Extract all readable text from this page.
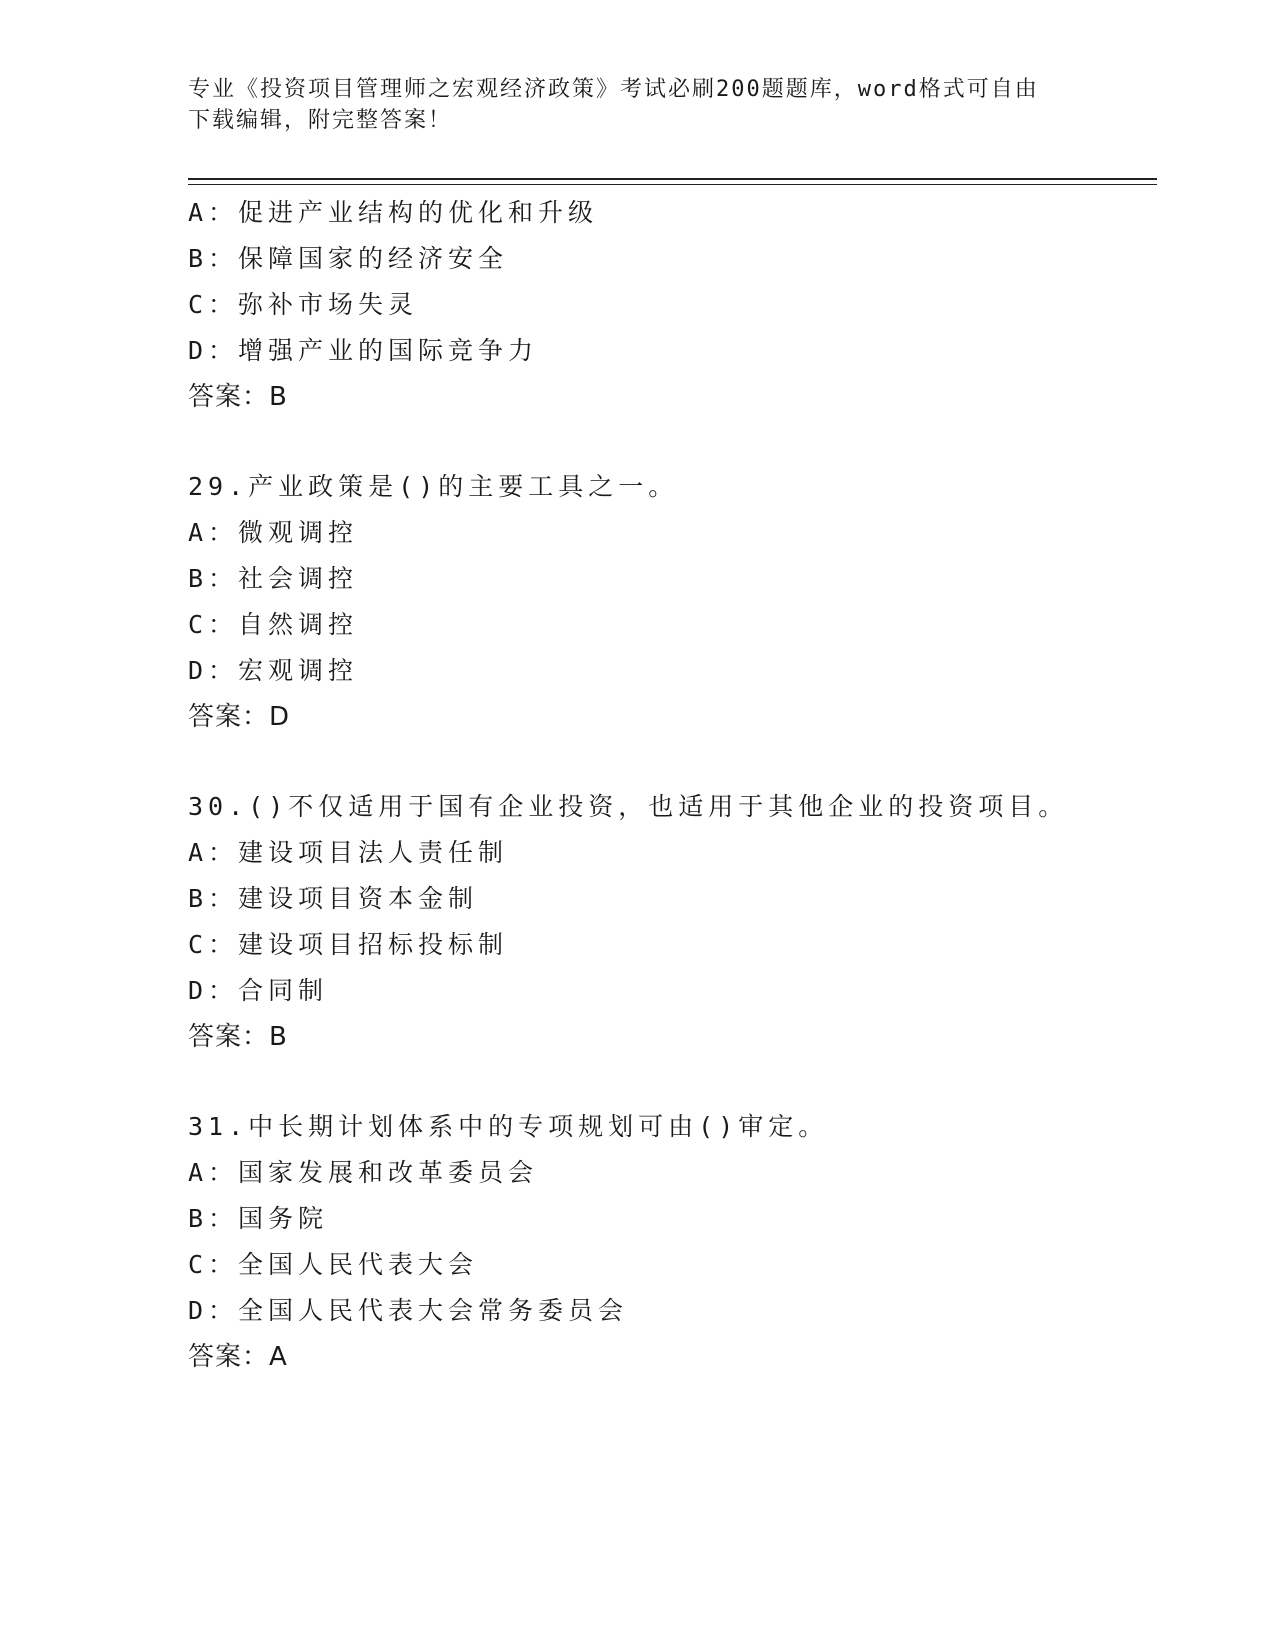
专业《投资项目管理师之宏观经济政策》考试必刷200题题库，word格式可自由
下载编辑，附完整答案！
A：促进产业结构的优化和升级
B：保障国家的经济安全
C：弥补市场失灵
D：增强产业的国际竞争力
答案：B
29.产业政策是()的主要工具之一。
A：微观调控
B：社会调控
C：自然调控
D：宏观调控
答案：D
30.()不仅适用于国有企业投资，也适用于其他企业的投资项目。
A：建设项目法人责任制
B：建设项目资本金制
C：建设项目招标投标制
D：合同制
答案：B
31.中长期计划体系中的专项规划可由()审定。
A：国家发展和改革委员会
B：国务院
C：全国人民代表大会
D：全国人民代表大会常务委员会
答案：A
